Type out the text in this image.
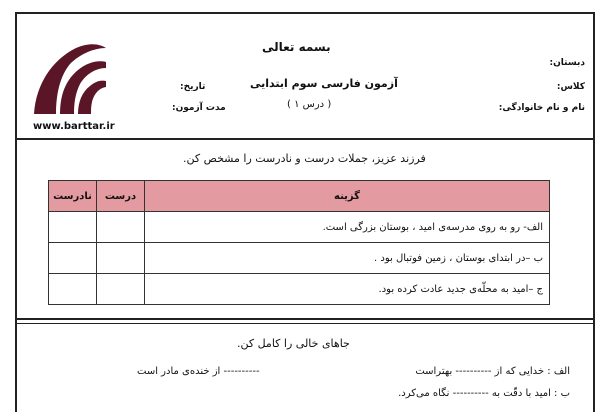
بسمه تعالی
آزمون فارسی سوم ابتدایی
( درس ۱ )
دبستان:
کلاس:
نام و نام خانوادگی:
تاریخ:
مدت آزمون:
www.barttar.ir
فرزند عزیز، جملات درست و نادرست را مشخص کن.
گزینه	درست	نادرست
الف- رو به روی مدرسه‌ی امید ، بوستان بزرگی است.		
ب –در ابتدای بوستان ، زمین فوتبال بود .		
ج –امید به محلّه‌ی جدید عادت کرده بود.		
جاهای خالی را کامل کن.
الف : خدایی که از ---------- بهتراست
---------- از خنده‌ی مادر است
ب : امید با دقّت به ---------- نگاه می‌کرد.
